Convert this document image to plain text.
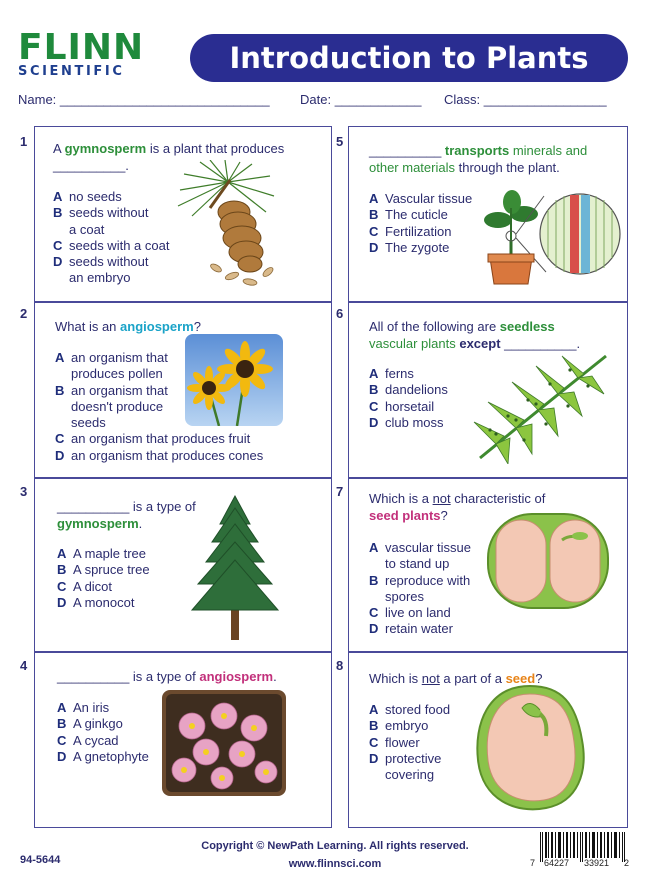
FLINN
SCIENTIFIC	Introduction to Plants
Name: _____________________________ Date: ____________ Class: _________________
1
2
3
4
5
6
7
8
A gymnosperm is a plant that produces __________.
A no seeds
B seeds without
a coat
C seeds with a coat
D seeds without
an embryo
What is an angiosperm?
A an organism that
produces pollen
B an organism that
doesn't produce
seeds
C an organism that produces fruit
D an organism that produces cones
__________ is a type of
gymnosperm.
A A maple tree
B A spruce tree
C A dicot
D A monocot
__________ is a type of angiosperm.
A An iris
B A ginkgo
C A cycad
D A gnetophyte
__________ transports minerals and
other materials through the plant.
A Vascular tissue
B The cuticle
C Fertilization
D The zygote
All of the following are seedless
vascular plants except __________.
A ferns
B dandelions
C horsetail
D club moss
Which is a not characteristic of
seed plants?
A vascular tissue
to stand up
B reproduce with
spores
C live on land
D retain water
Which is not a part of a seed?
A stored food
B embryo
C flower
D protective
covering
Copyright © NewPath Learning. All rights reserved.
www.flinnsci.com
94-5644	7 64227 33921 2
